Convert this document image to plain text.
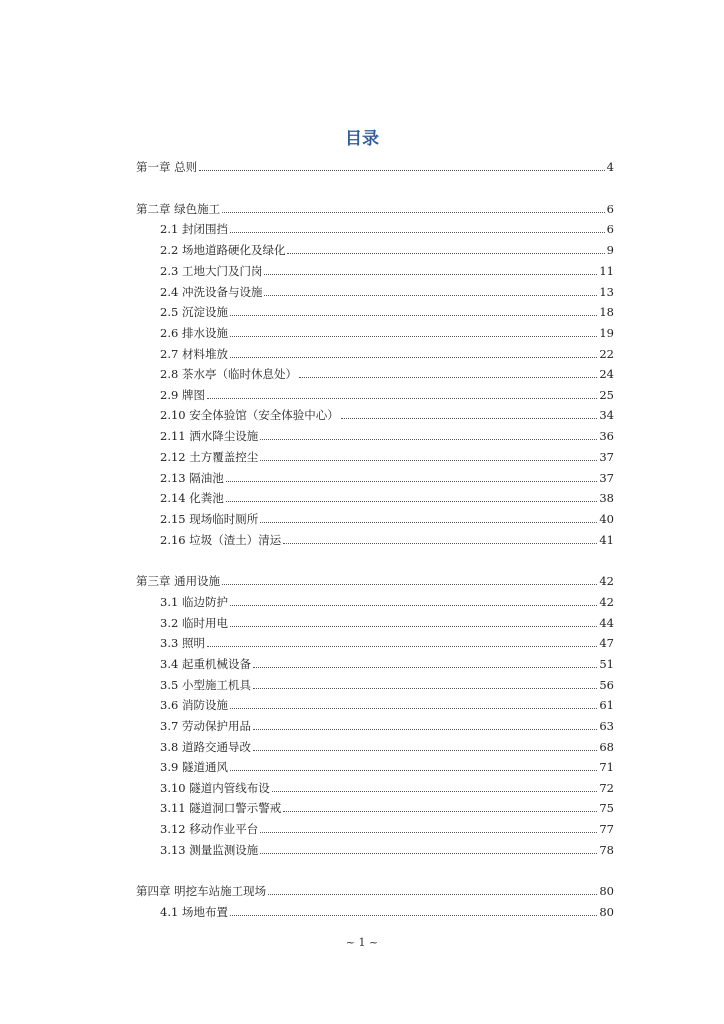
目录
第一章 总则	4
第二章 绿色施工	6
2.1 封闭围挡	6
2.2 场地道路硬化及绿化	9
2.3 工地大门及门岗	11
2.4 冲洗设备与设施	13
2.5 沉淀设施	18
2.6 排水设施	19
2.7 材料堆放	22
2.8 茶水亭（临时休息处）	24
2.9 牌图	25
2.10 安全体验馆（安全体验中心）	34
2.11 洒水降尘设施	36
2.12 土方覆盖控尘	37
2.13 隔油池	37
2.14 化粪池	38
2.15 现场临时厕所	40
2.16 垃圾（渣土）清运	41
第三章 通用设施	42
3.1 临边防护	42
3.2 临时用电	44
3.3 照明	47
3.4 起重机械设备	51
3.5 小型施工机具	56
3.6 消防设施	61
3.7 劳动保护用品	63
3.8 道路交通导改	68
3.9 隧道通风	71
3.10 隧道内管线布设	72
3.11 隧道洞口警示警戒	75
3.12 移动作业平台	77
3.13 测量监测设施	78
第四章 明挖车站施工现场	80
4.1 场地布置	80
~ 1 ~
